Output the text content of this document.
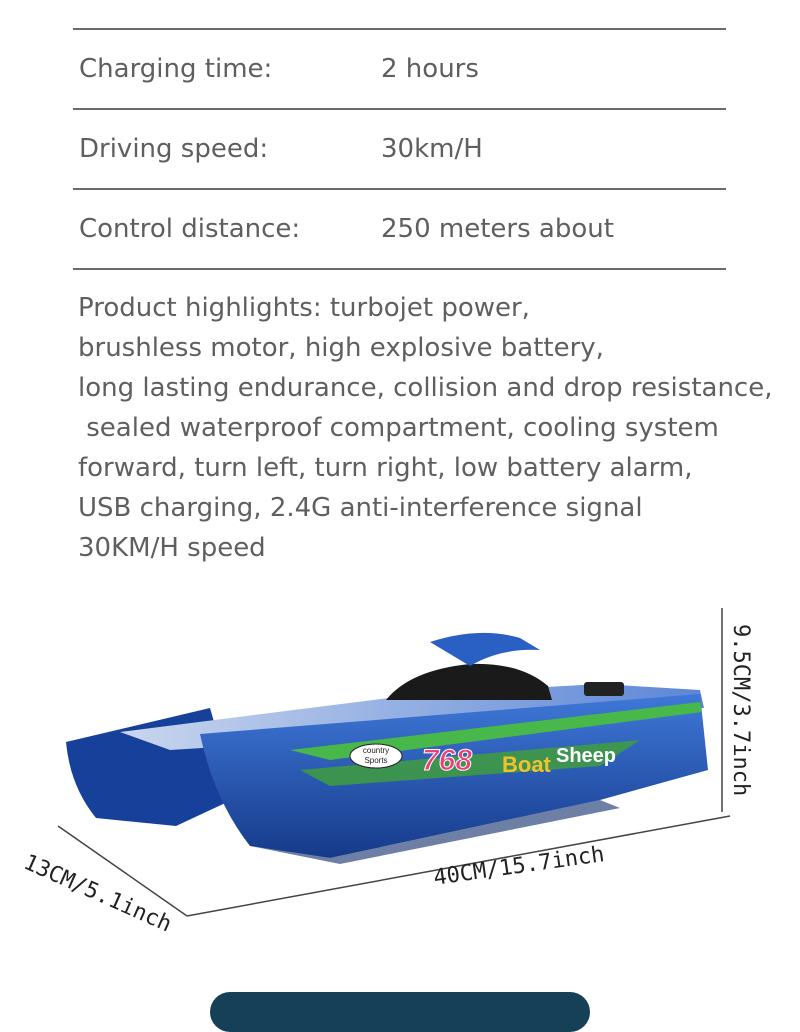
Charging time:	2 hours
Driving speed:	30km/H
Control distance:	250 meters about
Product highlights: turbojet power,
brushless motor, high explosive battery,
long lasting endurance, collision and drop resistance,
sealed waterproof compartment, cooling system
forward, turn left, turn right, low battery alarm,
USB charging, 2.4G anti-interference signal
30KM/H speed
country
Sports 768 Boat Sheep
40CM/15.7inch
13CM/5.1inch
9.5CM/3.7inch
